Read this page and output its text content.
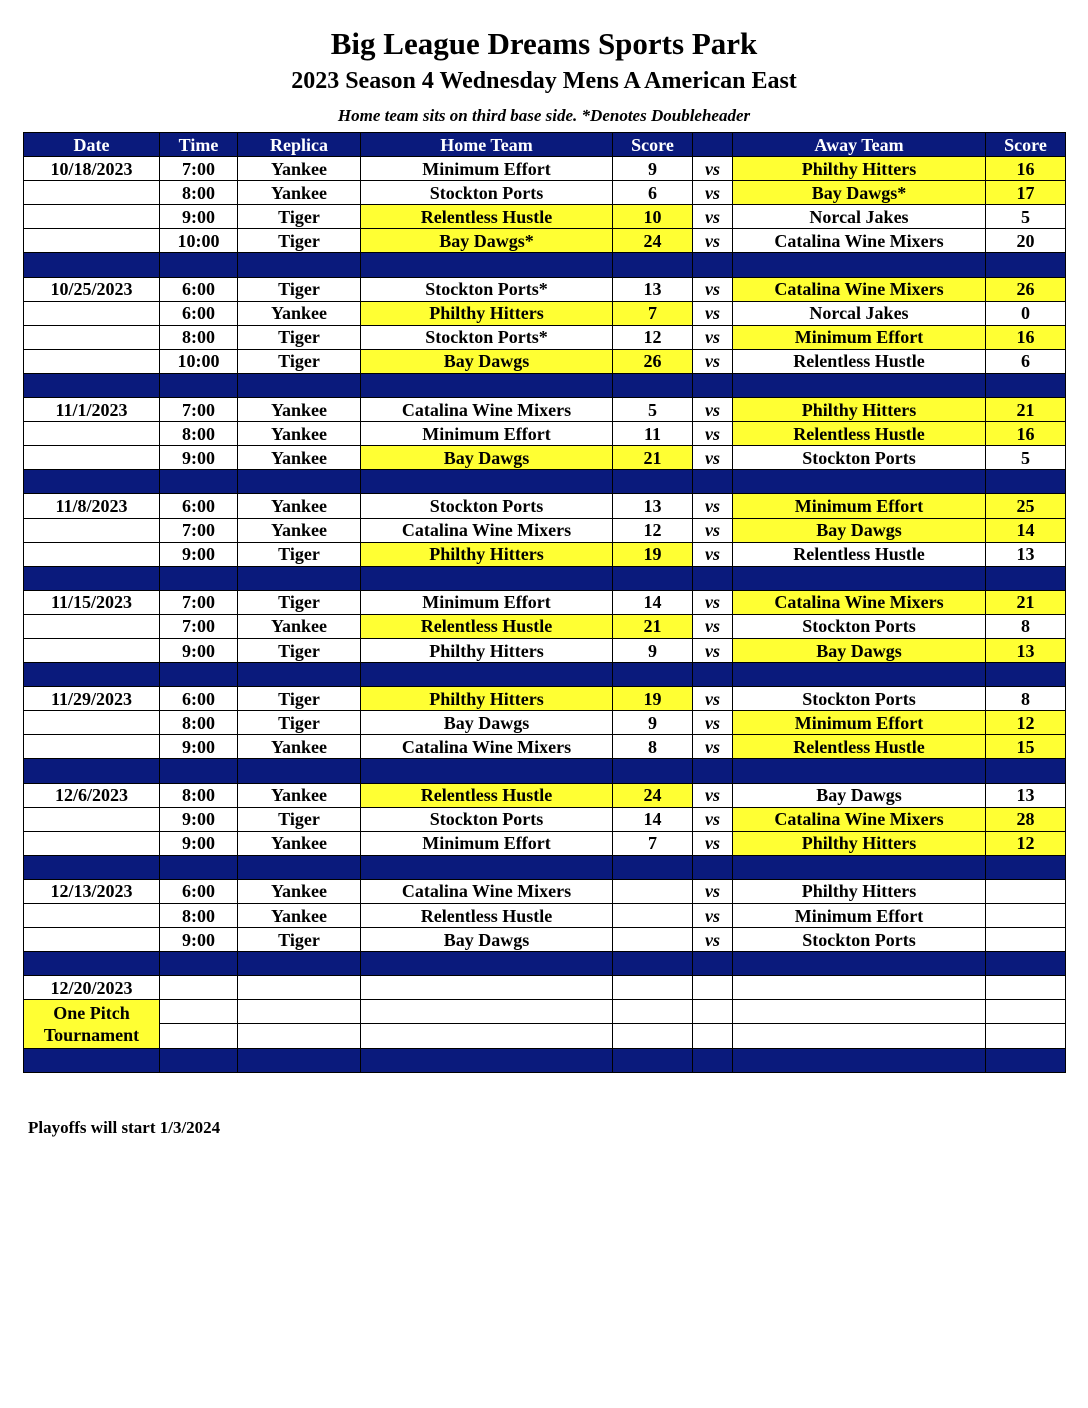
Big League Dreams Sports Park
2023 Season 4 Wednesday Mens A American East
Home team sits on third base side. *Denotes Doubleheader
Date	Time	Replica	Home Team	Score		Away Team	Score
10/18/2023	7:00	Yankee	Minimum Effort	9	vs	Philthy Hitters	16
	8:00	Yankee	Stockton Ports	6	vs	Bay Dawgs*	17
	9:00	Tiger	Relentless Hustle	10	vs	Norcal Jakes	5
	10:00	Tiger	Bay Dawgs*	24	vs	Catalina Wine Mixers	20

10/25/2023	6:00	Tiger	Stockton Ports*	13	vs	Catalina Wine Mixers	26
	6:00	Yankee	Philthy Hitters	7	vs	Norcal Jakes	0
	8:00	Tiger	Stockton Ports*	12	vs	Minimum Effort	16
	10:00	Tiger	Bay Dawgs	26	vs	Relentless Hustle	6

11/1/2023	7:00	Yankee	Catalina Wine Mixers	5	vs	Philthy Hitters	21
	8:00	Yankee	Minimum Effort	11	vs	Relentless Hustle	16
	9:00	Yankee	Bay Dawgs	21	vs	Stockton Ports	5

11/8/2023	6:00	Yankee	Stockton Ports	13	vs	Minimum Effort	25
	7:00	Yankee	Catalina Wine Mixers	12	vs	Bay Dawgs	14
	9:00	Tiger	Philthy Hitters	19	vs	Relentless Hustle	13

11/15/2023	7:00	Tiger	Minimum Effort	14	vs	Catalina Wine Mixers	21
	7:00	Yankee	Relentless Hustle	21	vs	Stockton Ports	8
	9:00	Tiger	Philthy Hitters	9	vs	Bay Dawgs	13

11/29/2023	6:00	Tiger	Philthy Hitters	19	vs	Stockton Ports	8
	8:00	Tiger	Bay Dawgs	9	vs	Minimum Effort	12
	9:00	Yankee	Catalina Wine Mixers	8	vs	Relentless Hustle	15

12/6/2023	8:00	Yankee	Relentless Hustle	24	vs	Bay Dawgs	13
	9:00	Tiger	Stockton Ports	14	vs	Catalina Wine Mixers	28
	9:00	Yankee	Minimum Effort	7	vs	Philthy Hitters	12

12/13/2023	6:00	Yankee	Catalina Wine Mixers		vs	Philthy Hitters	
	8:00	Yankee	Relentless Hustle		vs	Minimum Effort	
	9:00	Tiger	Bay Dawgs		vs	Stockton Ports	

12/20/2023							

One Pitch
Tournament							

Playoffs will start 1/3/2024
